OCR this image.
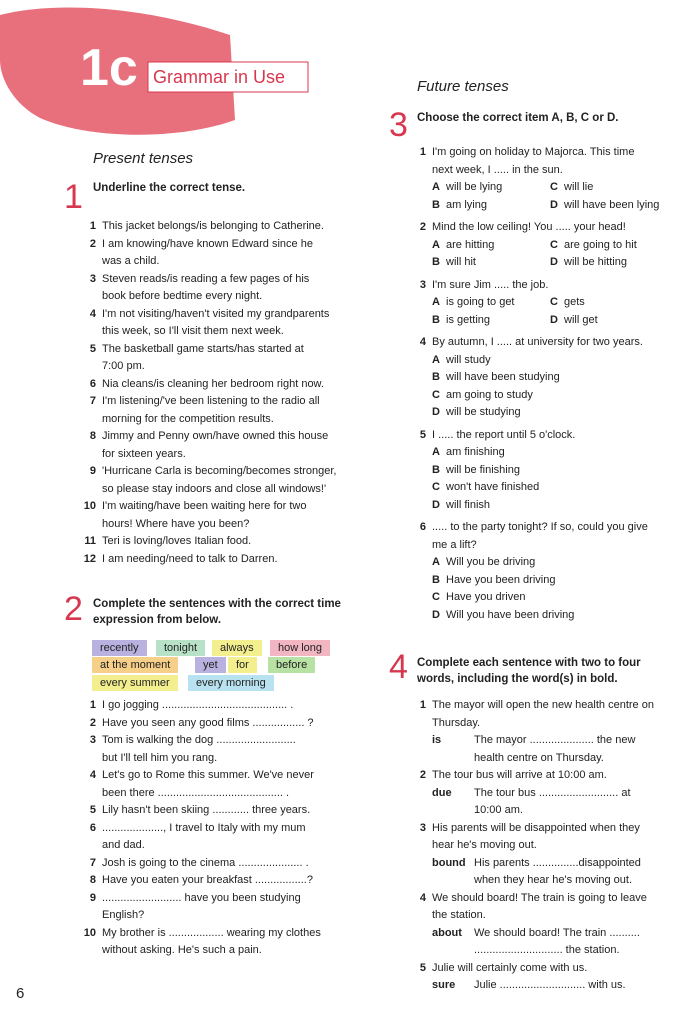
1c Grammar in Use
Present tenses
1 Underline the correct tense.
1 This jacket belongs/is belonging to Catherine.
2 I am knowing/have known Edward since he
was a child.
3 Steven reads/is reading a few pages of his
book before bedtime every night.
4 I'm not visiting/haven't visited my grandparents
this week, so I'll visit them next week.
5 The basketball game starts/has started at
7:00 pm.
6 Nia cleans/is cleaning her bedroom right now.
7 I'm listening/'ve been listening to the radio all
morning for the competition results.
8 Jimmy and Penny own/have owned this house
for sixteen years.
9 'Hurricane Carla is becoming/becomes stronger,
so please stay indoors and close all windows!'
10 I'm waiting/have been waiting here for two
hours! Where have you been?
11 Teri is loving/loves Italian food.
12 I am needing/need to talk to Darren.
2 Complete the sentences with the correct time
expression from below.
recently	tonight	always	how long
at the moment	yet	for	before
every summer	every morning
1 I go jogging ......................................... .
2 Have you seen any good films ................. ?
3 Tom is walking the dog ..........................
but I'll tell him you rang.
4 Let's go to Rome this summer. We've never
been there ......................................... .
5 Lily hasn't been skiing ............ three years.
6 ...................., I travel to Italy with my mum
and dad.
7 Josh is going to the cinema ..................... .
8 Have you eaten your breakfast .................?
9 .......................... have you been studying
English?
10 My brother is .................. wearing my clothes
without asking. He's such a pain.
6
Future tenses
3 Choose the correct item A, B, C or D.
1 I'm going on holiday to Majorca. This time
next week, I ..... in the sun.
A will be lying	C will lie
B am lying	D will have been lying
2 Mind the low ceiling! You ..... your head!
A are hitting	C are going to hit
B will hit	D will be hitting
3 I'm sure Jim ..... the job.
A is going to get	C gets
B is getting	D will get
4 By autumn, I ..... at university for two years.
A will study
B will have been studying
C am going to study
D will be studying
5 I ..... the report until 5 o'clock.
A am finishing
B will be finishing
C won't have finished
D will finish
6 ..... to the party tonight? If so, could you give
me a lift?
A Will you be driving
B Have you been driving
C Have you driven
D Will you have been driving
4 Complete each sentence with two to four
words, including the word(s) in bold.
1 The mayor will open the new health centre on
Thursday.
is	The mayor ..................... the new
health centre on Thursday.
2 The tour bus will arrive at 10:00 am.
due The tour bus .......................... at
10:00 am.
3 His parents will be disappointed when they
hear he's moving out.
bound His parents ...............disappointed
when they hear he's moving out.
4 We should board! The train is going to leave
the station.
about We should board! The train ..........
............................. the station.
5 Julie will certainly come with us.
sure Julie ............................ with us.
